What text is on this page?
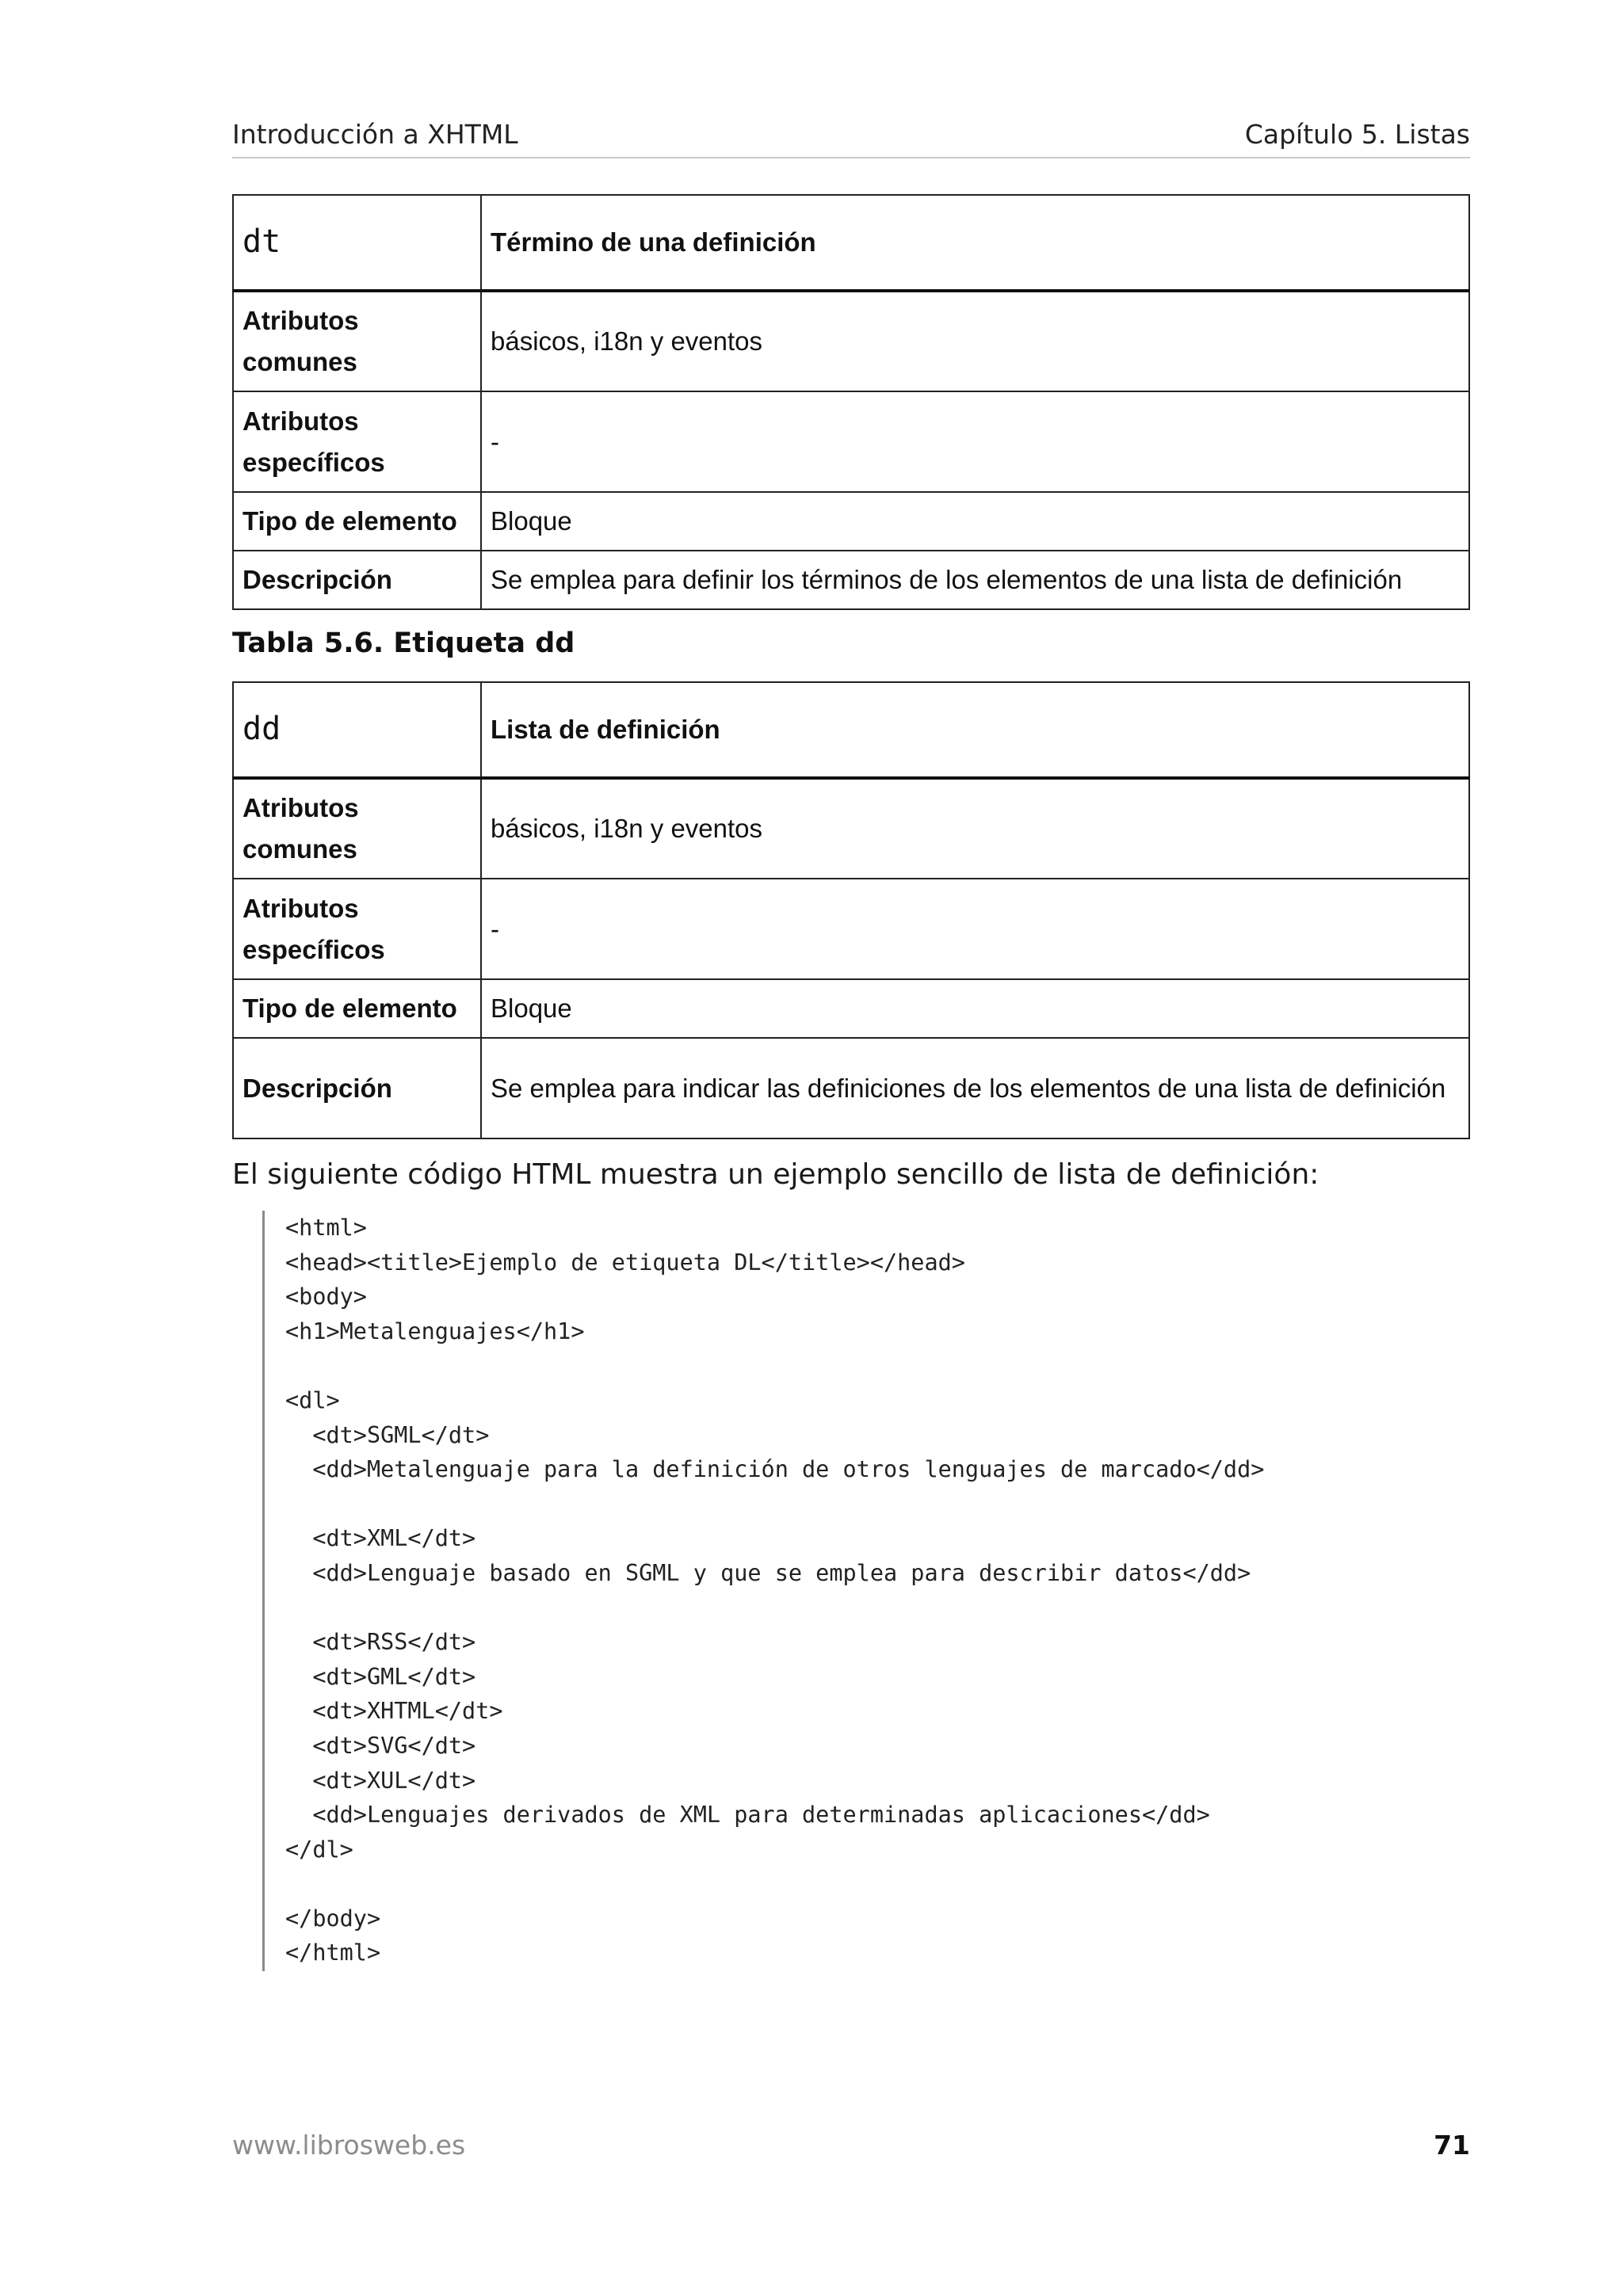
Introducción a XHTML	Capítulo 5. Listas
dt	Término de una definición
Atributos comunes	básicos, i18n y eventos
Atributos específicos	-
Tipo de elemento	Bloque
Descripción	Se emplea para definir los términos de los elementos de una lista de definición
Tabla 5.6. Etiqueta dd
dd	Lista de definición
Atributos comunes	básicos, i18n y eventos
Atributos específicos	-
Tipo de elemento	Bloque
Descripción	Se emplea para indicar las definiciones de los elementos de una lista de definición
El siguiente código HTML muestra un ejemplo sencillo de lista de definición:
<html>
<head><title>Ejemplo de etiqueta DL</title></head>
<body>
<h1>Metalenguajes</h1>

<dl>
<dt>SGML</dt>
<dd>Metalenguaje para la definición de otros lenguajes de marcado</dd>

<dt>XML</dt>
<dd>Lenguaje basado en SGML y que se emplea para describir datos</dd>

<dt>RSS</dt>
<dt>GML</dt>
<dt>XHTML</dt>
<dt>SVG</dt>
<dt>XUL</dt>
<dd>Lenguajes derivados de XML para determinadas aplicaciones</dd>
</dl>

</body>
</html>
www.librosweb.es	71
